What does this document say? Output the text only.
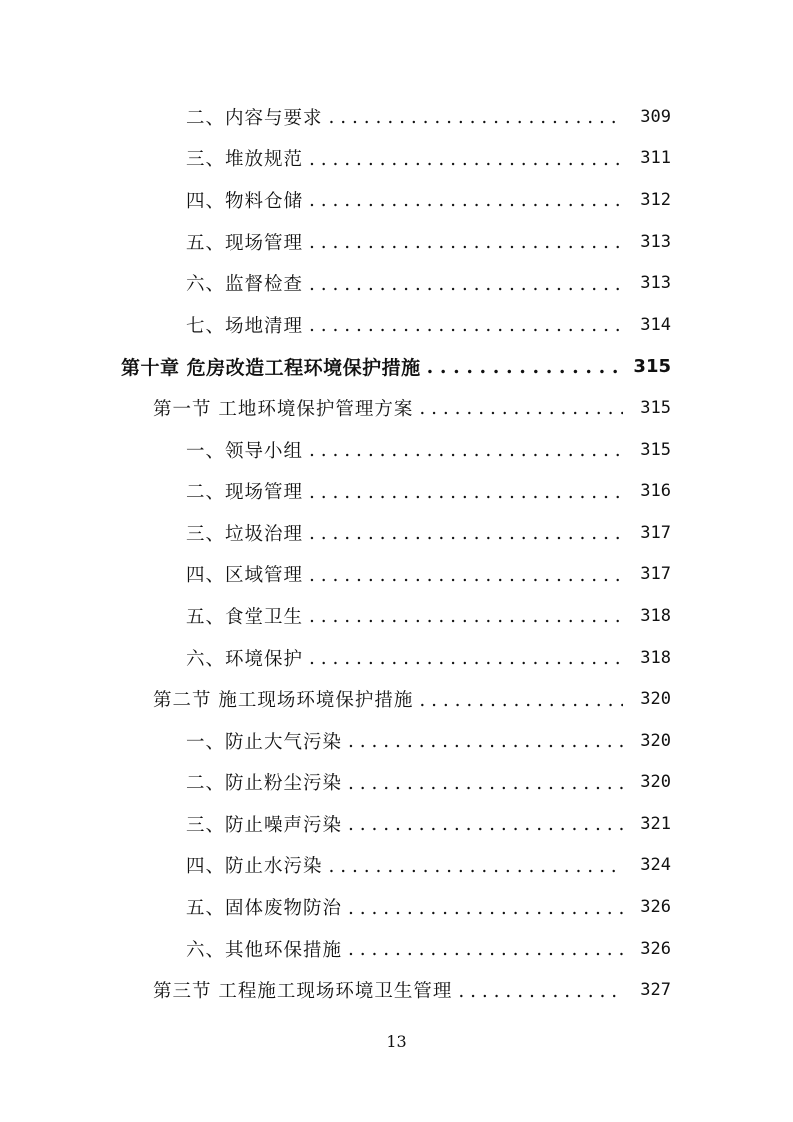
二、内容与要求 . . .	309
三、堆放规范 . . .	311
四、物料仓储 . . .	312
五、现场管理 . . .	313
六、监督检查 . . .	313
七、场地清理 . . .	314
第十章 危房改造工程环境保护措施 . . .	315
第一节 工地环境保护管理方案 . . .	315
一、领导小组 . . .	315
二、现场管理 . . .	316
三、垃圾治理 . . .	317
四、区域管理 . . .	317
五、食堂卫生 . . .	318
六、环境保护 . . .	318
第二节 施工现场环境保护措施 . . .	320
一、防止大气污染 . . .	320
二、防止粉尘污染 . . .	320
三、防止噪声污染 . . .	321
四、防止水污染 . . .	324
五、固体废物防治 . . .	326
六、其他环保措施 . . .	326
第三节 工程施工现场环境卫生管理 . . .	327
13
